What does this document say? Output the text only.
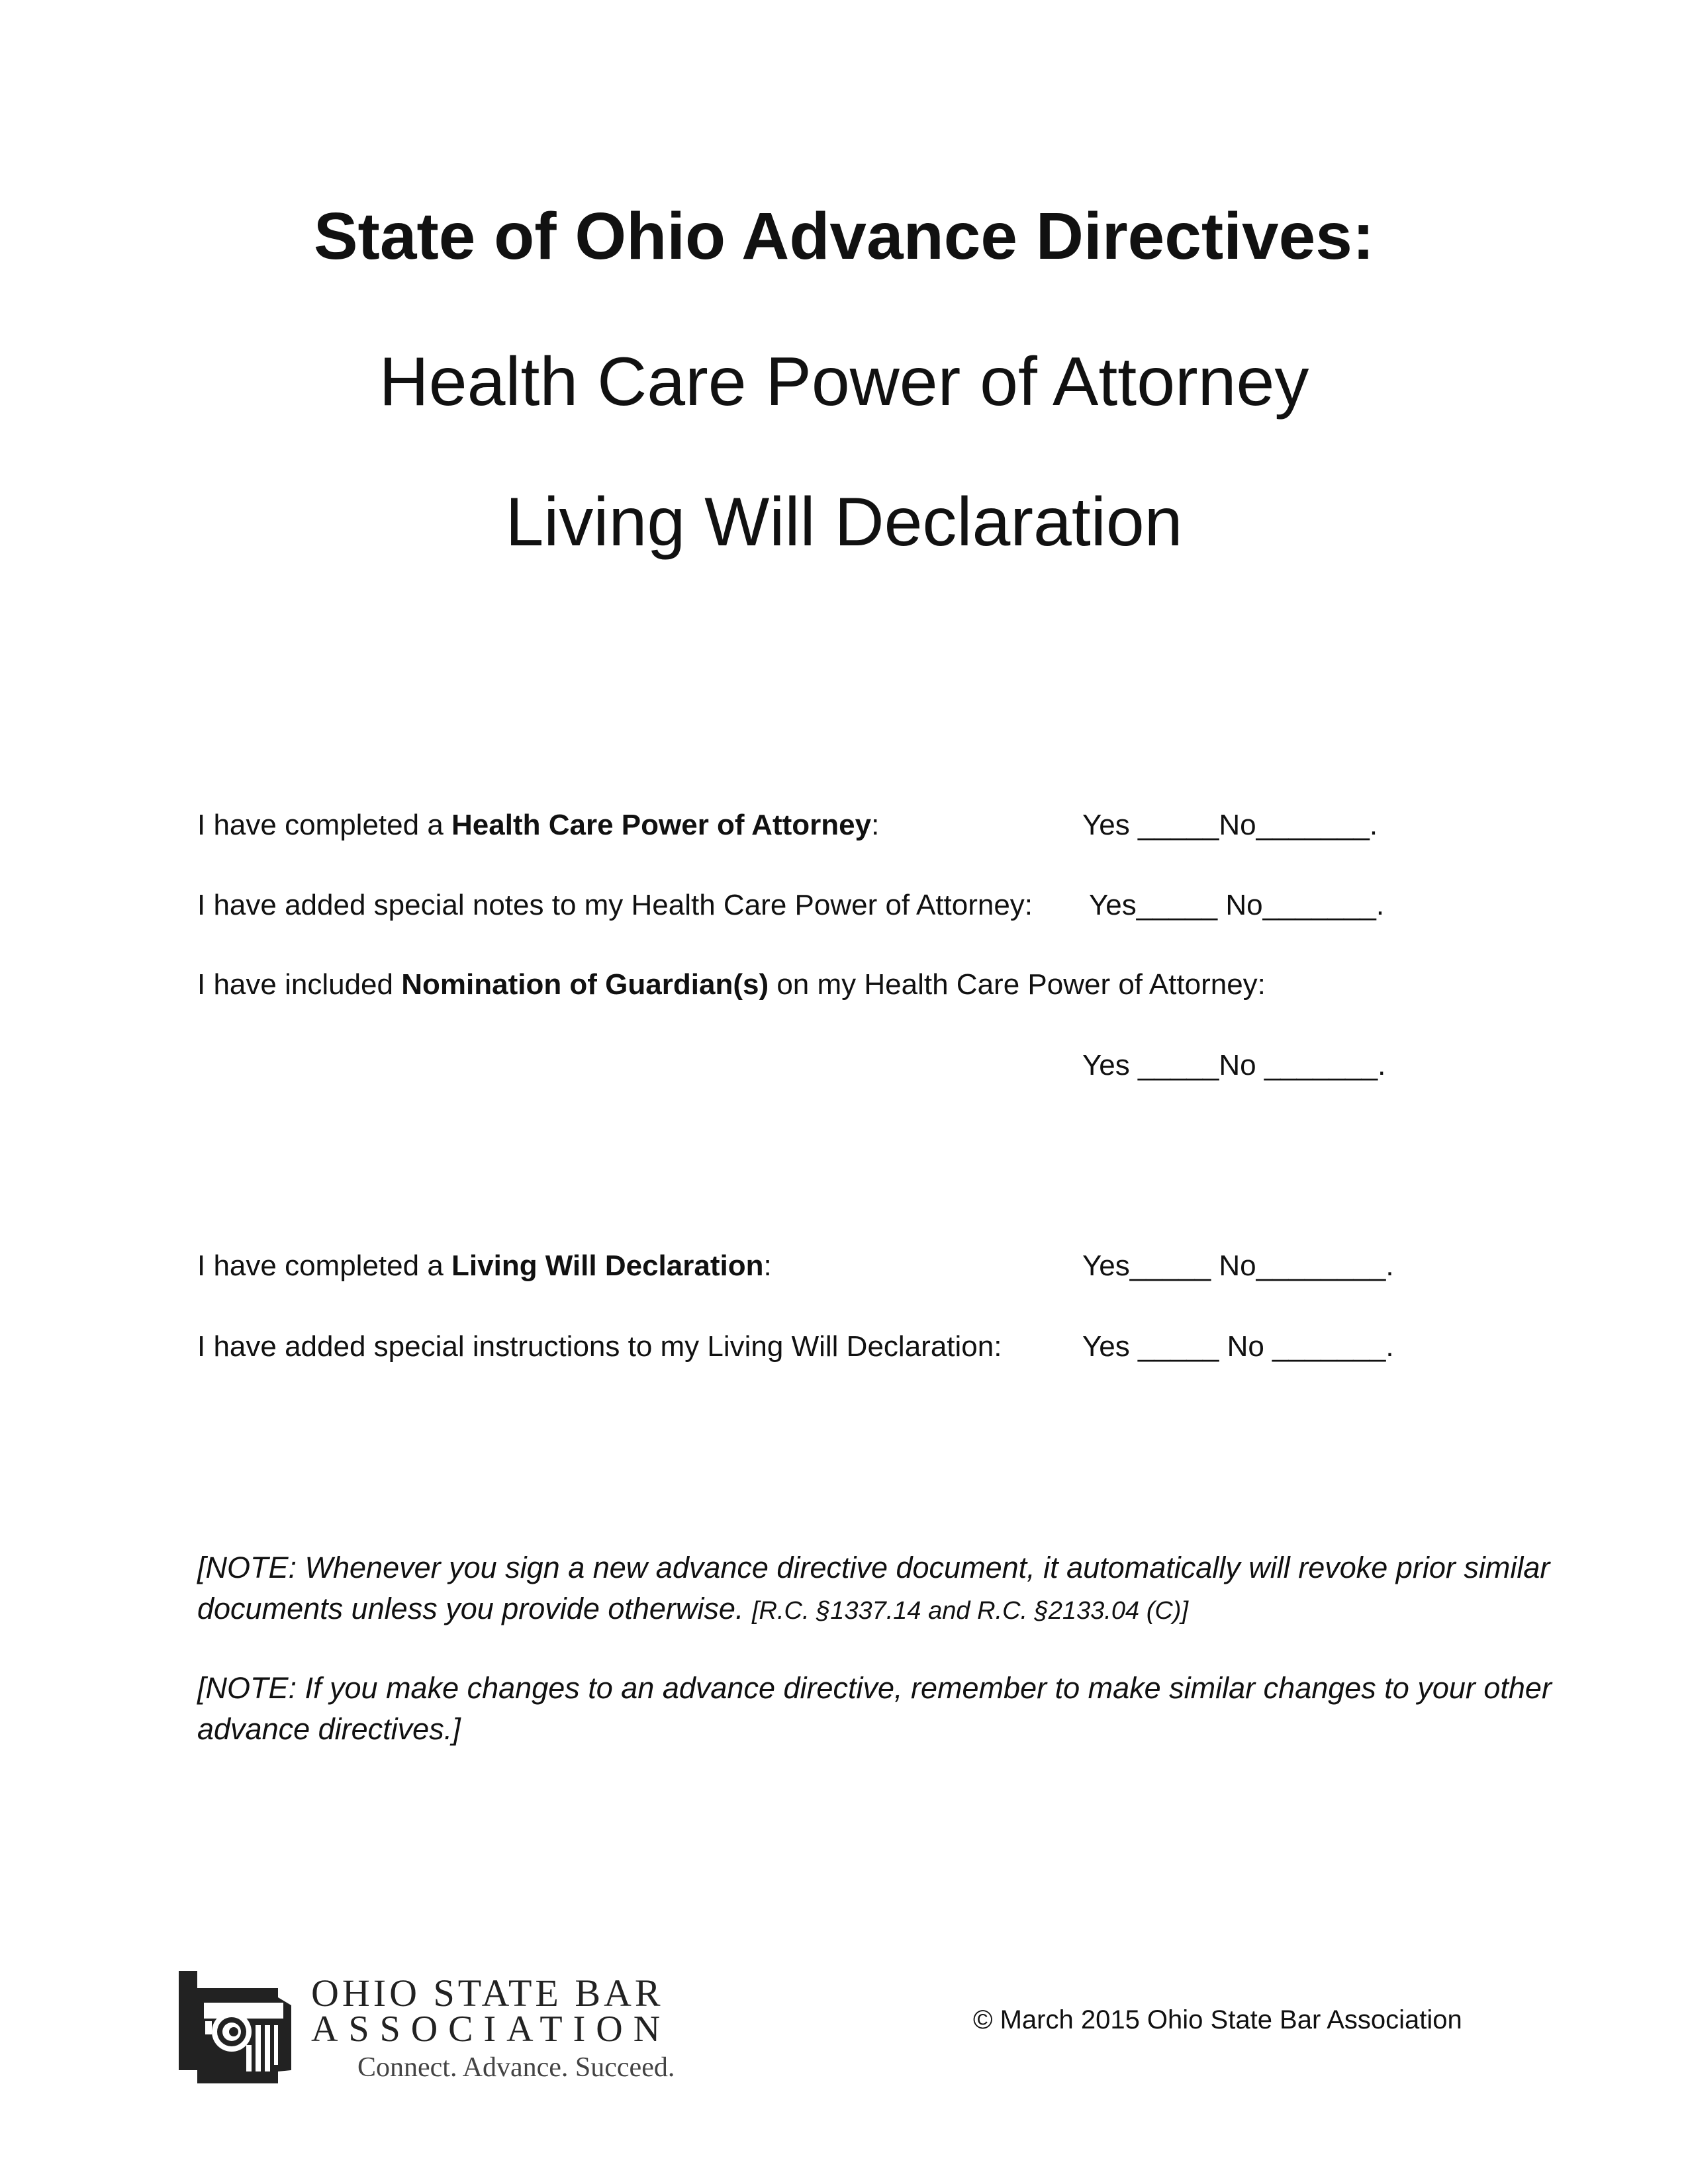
State of Ohio Advance Directives:
Health Care Power of Attorney
Living Will Declaration
I have completed a Health Care Power of Attorney:	Yes _____No_______.
I have added special notes to my Health Care Power of Attorney: Yes_____ No_______.
I have included Nomination of Guardian(s) on my Health Care Power of Attorney:
Yes _____No _______.
I have completed a Living Will Declaration:	Yes_____ No________.
I have added special instructions to my Living Will Declaration:	Yes _____ No _______.
[NOTE: Whenever you sign a new advance directive document, it automatically will revoke prior similar documents unless you provide otherwise. [R.C. §1337.14 and R.C. §2133.04 (C)]
[NOTE: If you make changes to an advance directive, remember to make similar changes to your other advance directives.]
OHIO STATE BAR
ASSOCIATION
Connect. Advance. Succeed.
© March 2015 Ohio State Bar Association
